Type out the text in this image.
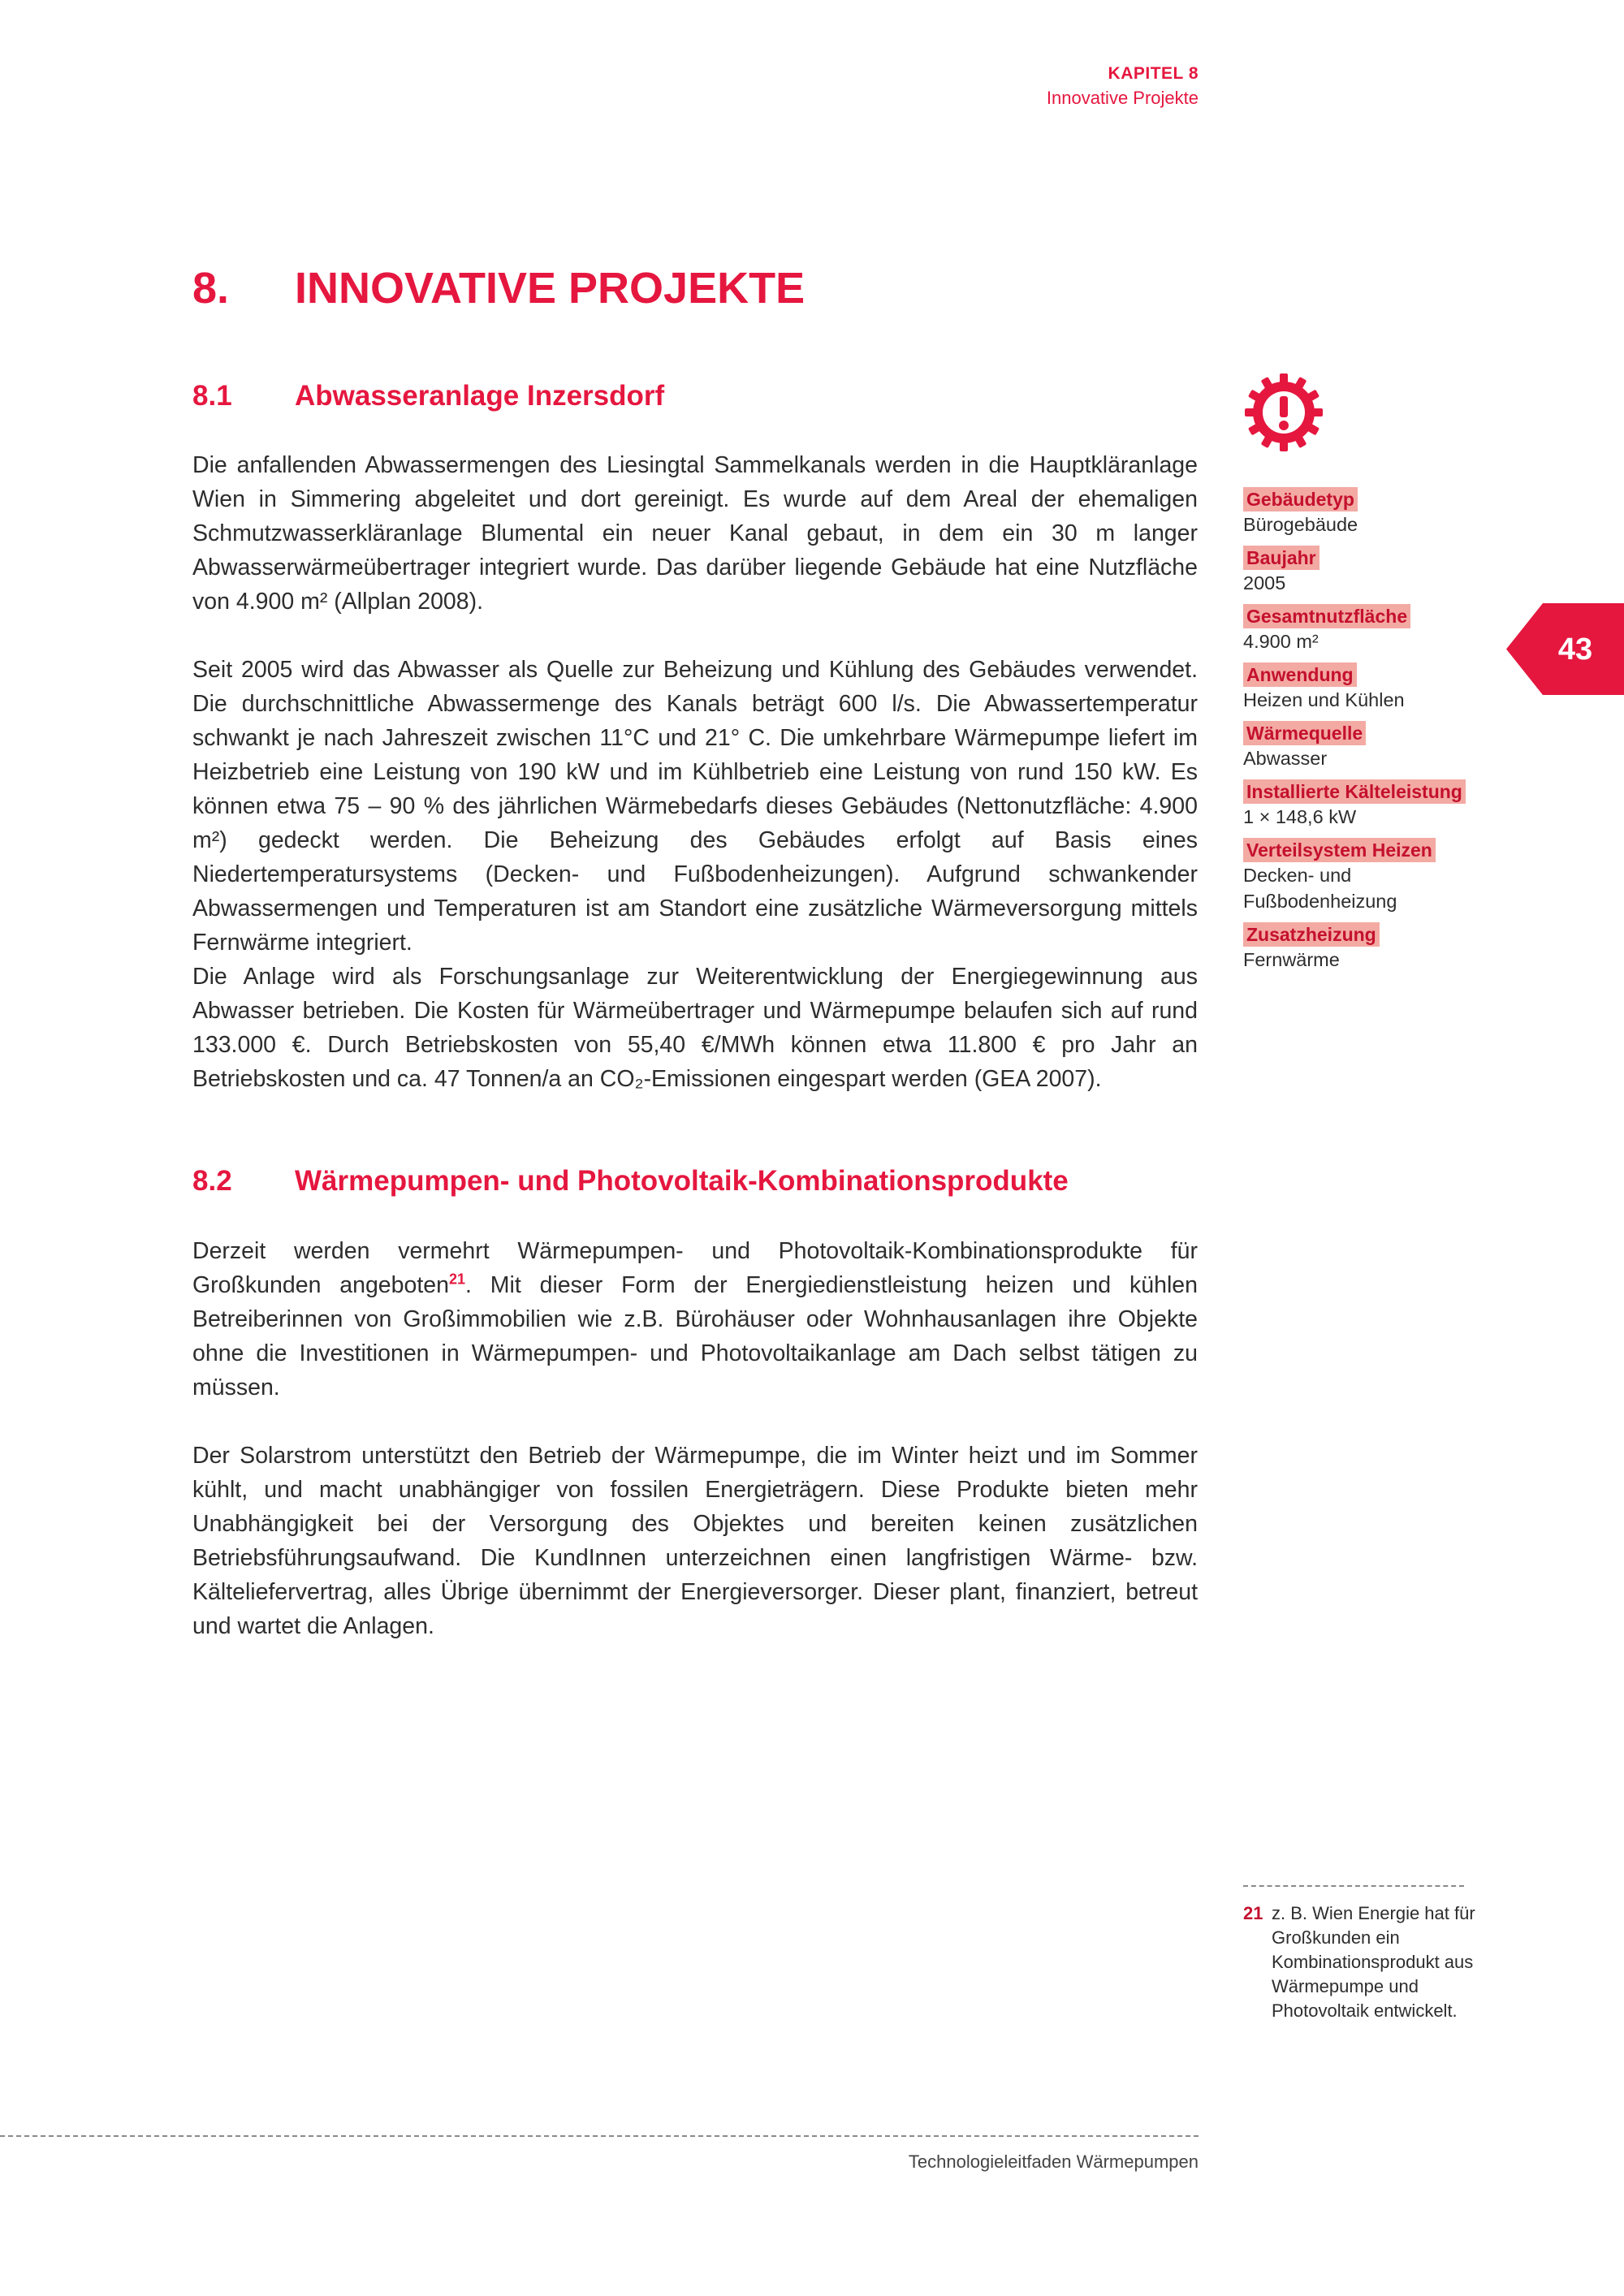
KAPITEL 8
Innovative Projekte
8. INNOVATIVE PROJEKTE
8.1 Abwasseranlage Inzersdorf

Die anfallenden Abwassermengen des Liesingtal Sammelkanals werden in die Hauptkläranlage Wien in Simmering abgeleitet und dort gereinigt. Es wurde auf dem Areal der ehemaligen Schmutzwasserkläranlage Blumental ein neuer Kanal gebaut, in dem ein 30 m langer Abwasserwärmeübertrager integriert wurde. Das darüber liegende Gebäude hat eine Nutzfläche von 4.900 m² (Allplan 2008).

Seit 2005 wird das Abwasser als Quelle zur Beheizung und Kühlung des Gebäudes verwendet. Die durchschnittliche Abwassermenge des Kanals beträgt 600 l/s. Die Abwassertemperatur schwankt je nach Jahreszeit zwischen 11°C und 21° C. Die umkehrbare Wärmepumpe liefert im Heizbetrieb eine Leistung von 190 kW und im Kühlbetrieb eine Leistung von rund 150 kW. Es können etwa 75 – 90 % des jährlichen Wärmebedarfs dieses Gebäudes (Nettonutzfläche: 4.900 m²) gedeckt werden. Die Beheizung des Gebäudes erfolgt auf Basis eines Niedertemperatursystems (Decken- und Fußbodenheizungen). Aufgrund schwankender Abwassermengen und Temperaturen ist am Standort eine zusätzliche Wärmeversorgung mittels Fernwärme integriert.

Die Anlage wird als Forschungsanlage zur Weiterentwicklung der Energiegewinnung aus Abwasser betrieben. Die Kosten für Wärmeübertrager und Wärmepumpe belaufen sich auf rund 133.000 €. Durch Betriebskosten von 55,40 €/MWh können etwa 11.800 € pro Jahr an Betriebskosten und ca. 47 Tonnen/a an CO₂-Emissionen eingespart werden (GEA 2007).

8.2 Wärmepumpen- und Photovoltaik-Kombinationsprodukte

Derzeit werden vermehrt Wärmepumpen- und Photovoltaik-Kombinationsprodukte für Großkunden angeboten$^{21}$. Mit dieser Form der Energiedienstleistung heizen und kühlen Betreiberinnen von Großimmobilien wie z.B. Bürohäuser oder Wohnhausanlagen ihre Objekte ohne die Investitionen in Wärmepumpen- und Photovoltaikanlage am Dach selbst tätigen zu müssen.

Der Solarstrom unterstützt den Betrieb der Wärmepumpe, die im Winter heizt und im Sommer kühlt, und macht unabhängiger von fossilen Energieträgern. Diese Produkte bieten mehr Unabhängigkeit bei der Versorgung des Objektes und bereiten keinen zusätzlichen Betriebsführungsaufwand. Die KundInnen unterzeichnen einen langfristigen Wärme- bzw. Kälteliefervertrag, alles Übrige übernimmt der Energieversorger. Dieser plant, finanziert, betreut und wartet die Anlagen.

Gebäudetyp
Bürogebäude
Baujahr
2005
Gesamtnutzfläche
4.900 m²
Anwendung
Heizen und Kühlen
Wärmequelle
Abwasser
Installierte Kälteleistung
1 × 148,6 kW
Verteilsystem Heizen
Decken- und Fußbodenheizung
Zusatzheizung
Fernwärme
43
21 z. B. Wien Energie hat für Großkunden ein Kombinationsprodukt aus Wärmepumpe und Photovoltaik entwickelt.
Technologieleitfaden Wärmepumpen
